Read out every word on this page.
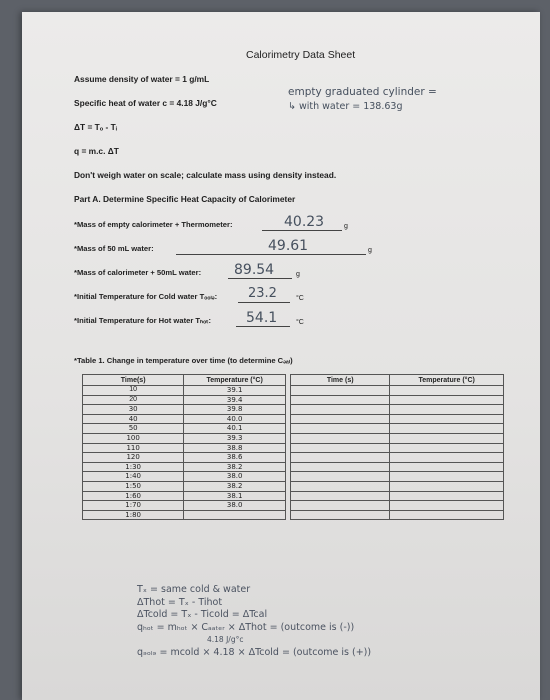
Calorimetry Data Sheet
Assume density of water = 1 g/mL
Specific heat of water c = 4.18 J/g°C
ΔT = Tₒ - Tᵢ
q = m.c. ΔT
Don't weigh water on scale; calculate mass using density instead.
empty graduated cylinder =
↳ with water = 138.63g
Part A. Determine Specific Heat Capacity of Calorimeter
*Mass of empty calorimeter + Thermometer:	40.23	g
*Mass of 50 mL water:	49.61	g
*Mass of calorimeter + 50mL water: 89.54	g
*Initial Temperature for Cold water Tₒₒₗₔ: 23.2	°C
*Initial Temperature for Hot water Tₕₒₜ:	54.1	°C
*Table 1. Change in temperature over time (to determine Cₔₐₗ)
Time(s)	Temperature (°C)
10	39.1
20	39.4
30	39.8
40	40.0
50	40.1
100	39.3
110	38.8
120	38.6
1:30	38.2
1:40	38.0
1:50	38.2
1:60	38.1
1:70	38.0
1:80	
Time (s)	Temperature (°C)

Tₓ = same cold & water
ΔThot = Tₓ - Tihot
ΔTcold = Tₓ - Ticold = ΔTcal
qₕₒₜ = mₕₒₜ × Cₐₐₜₑᵣ × ΔThot = (outcome is (-))
4.18 J/g°c
qₔₒₗₔ = mcold × 4.18 × ΔTcold = (outcome is (+))
